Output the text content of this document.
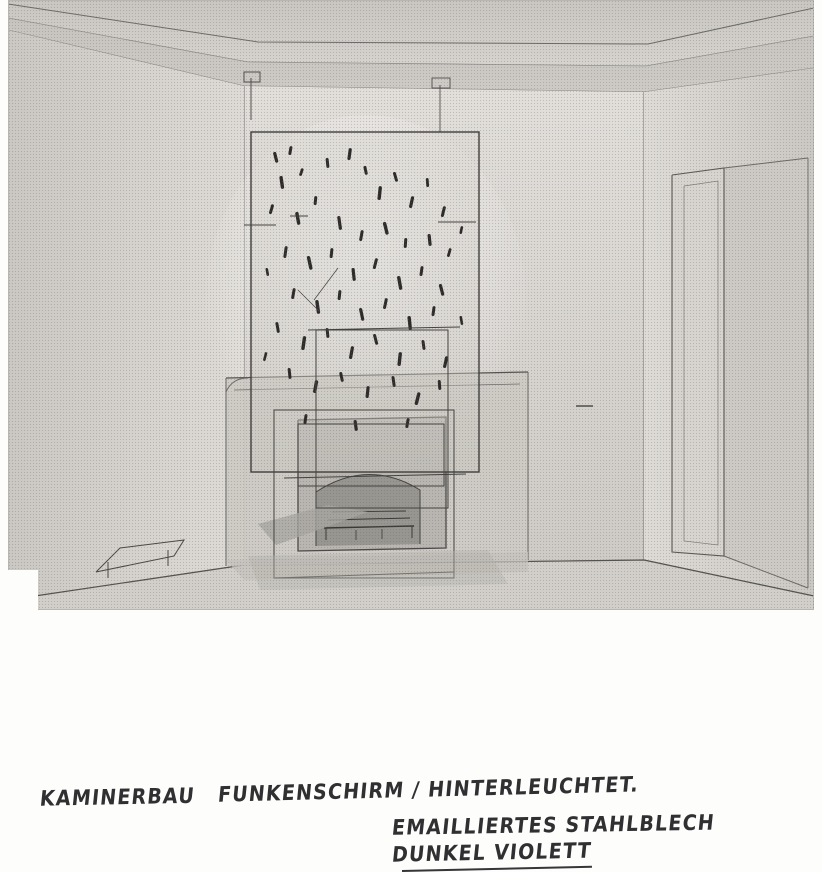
KAMINERBAU FUNKENSCHIRM / HINTERLEUCHTET.
EMAILLIERTES STAHLBLECH
DUNKEL VIOLETT
